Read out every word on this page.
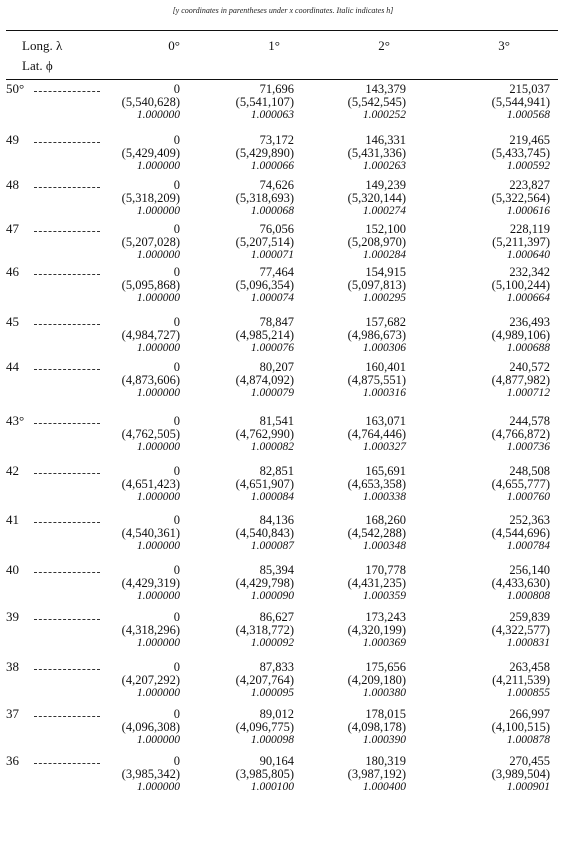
[y coordinates in parentheses under x coordinates. Italic indicates h]
Long. λ
Lat. ϕ
0°	1°	2°	3°
50°	0	71,696	143,379	215,037
(5,540,628)	(5,541,107)	(5,542,545)	(5,544,941)
1.000000	1.000063	1.000252	1.000568
49	0	73,172	146,331	219,465
(5,429,409)	(5,429,890)	(5,431,336)	(5,433,745)
1.000000	1.000066	1.000263	1.000592
48	0	74,626	149,239	223,827
(5,318,209)	(5,318,693)	(5,320,144)	(5,322,564)
1.000000	1.000068	1.000274	1.000616
47	0	76,056	152,100	228,119
(5,207,028)	(5,207,514)	(5,208,970)	(5,211,397)
1.000000	1.000071	1.000284	1.000640
46	0	77,464	154,915	232,342
(5,095,868)	(5,096,354)	(5,097,813)	(5,100,244)
1.000000	1.000074	1.000295	1.000664
45	0	78,847	157,682	236,493
(4,984,727)	(4,985,214)	(4,986,673)	(4,989,106)
1.000000	1.000076	1.000306	1.000688
44	0	80,207	160,401	240,572
(4,873,606)	(4,874,092)	(4,875,551)	(4,877,982)
1.000000	1.000079	1.000316	1.000712
43°	0	81,541	163,071	244,578
(4,762,505)	(4,762,990)	(4,764,446)	(4,766,872)
1.000000	1.000082	1.000327	1.000736
42	0	82,851	165,691	248,508
(4,651,423)	(4,651,907)	(4,653,358)	(4,655,777)
1.000000	1.000084	1.000338	1.000760
41	0	84,136	168,260	252,363
(4,540,361)	(4,540,843)	(4,542,288)	(4,544,696)
1.000000	1.000087	1.000348	1.000784
40	0	85,394	170,778	256,140
(4,429,319)	(4,429,798)	(4,431,235)	(4,433,630)
1.000000	1.000090	1.000359	1.000808
39	0	86,627	173,243	259,839
(4,318,296)	(4,318,772)	(4,320,199)	(4,322,577)
1.000000	1.000092	1.000369	1.000831
38	0	87,833	175,656	263,458
(4,207,292)	(4,207,764)	(4,209,180)	(4,211,539)
1.000000	1.000095	1.000380	1.000855
37	0	89,012	178,015	266,997
(4,096,308)	(4,096,775)	(4,098,178)	(4,100,515)
1.000000	1.000098	1.000390	1.000878
36	0	90,164	180,319	270,455
(3,985,342)	(3,985,805)	(3,987,192)	(3,989,504)
1.000000	1.000100	1.000400	1.000901
